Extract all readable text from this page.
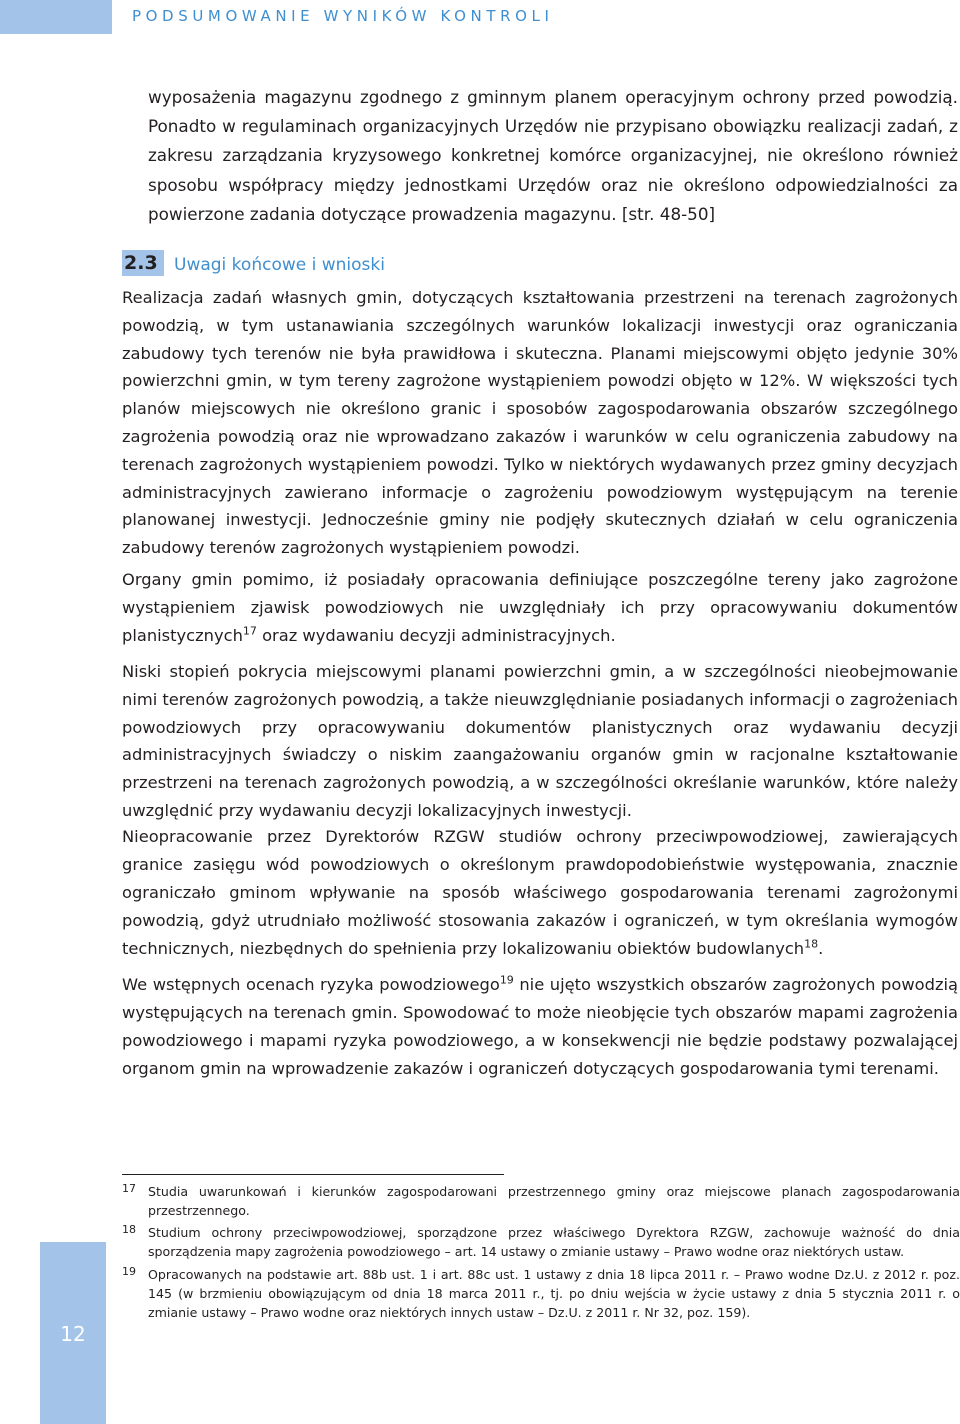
PODSUMOWANIE WYNIKÓW KONTROLI

wyposażenia magazynu zgodnego z gminnym planem operacyjnym ochrony przed powodzią. Ponadto w regulaminach organizacyjnych Urzędów nie przypisano obowiązku realizacji zadań, z zakresu zarządzania kryzysowego konkretnej komórce organizacyjnej, nie określono również sposobu współpracy między jednostkami Urzędów oraz nie określono odpowiedzialności za powierzone zadania dotyczące prowadzenia magazynu. [str. 48-50]

2.3 Uwagi końcowe i wnioski

Realizacja zadań własnych gmin, dotyczących kształtowania przestrzeni na terenach zagrożonych powodzią, w tym ustanawiania szczególnych warunków lokalizacji inwestycji oraz ograniczania zabudowy tych terenów nie była prawidłowa i skuteczna. Planami miejscowymi objęto jedynie 30% powierzchni gmin, w tym tereny zagrożone wystąpieniem powodzi objęto w 12%. W większości tych planów miejscowych nie określono granic i sposobów zagospodarowania obszarów szczególnego zagrożenia powodzią oraz nie wprowadzano zakazów i warunków w celu ograniczenia zabudowy na terenach zagrożonych wystąpieniem powodzi. Tylko w niektórych wydawanych przez gminy decyzjach administracyjnych zawierano informacje o zagrożeniu powodziowym występującym na terenie planowanej inwestycji. Jednocześnie gminy nie podjęły skutecznych działań w celu ograniczenia zabudowy terenów zagrożonych wystąpieniem powodzi.

Organy gmin pomimo, iż posiadały opracowania definiujące poszczególne tereny jako zagrożone wystąpieniem zjawisk powodziowych nie uwzględniały ich przy opracowywaniu dokumentów planistycznych$^{17}$ oraz wydawaniu decyzji administracyjnych.

Niski stopień pokrycia miejscowymi planami powierzchni gmin, a w szczególności nieobejmowanie nimi terenów zagrożonych powodzią, a także nieuwzględnianie posiadanych informacji o zagrożeniach powodziowych przy opracowywaniu dokumentów planistycznych oraz wydawaniu decyzji administracyjnych świadczy o niskim zaangażowaniu organów gmin w racjonalne kształtowanie przestrzeni na terenach zagrożonych powodzią, a w szczególności określanie warunków, które należy uwzględnić przy wydawaniu decyzji lokalizacyjnych inwestycji.

Nieopracowanie przez Dyrektorów RZGW studiów ochrony przeciwpowodziowej, zawierających granice zasięgu wód powodziowych o określonym prawdopodobieństwie występowania, znacznie ograniczało gminom wpływanie na sposób właściwego gospodarowania terenami zagrożonymi powodzią, gdyż utrudniało możliwość stosowania zakazów i ograniczeń, w tym określania wymogów technicznych, niezbędnych do spełnienia przy lokalizowaniu obiektów budowlanych$^{18}$.

We wstępnych ocenach ryzyka powodziowego$^{19}$ nie ujęto wszystkich obszarów zagrożonych powodzią występujących na terenach gmin. Spowodować to może nieobjęcie tych obszarów mapami zagrożenia powodziowego i mapami ryzyka powodziowego, a w konsekwencji nie będzie podstawy pozwalającej organom gmin na wprowadzenie zakazów i ograniczeń dotyczących gospodarowania tymi terenami.

17 Studia uwarunkowań i kierunków zagospodarowani przestrzennego gminy oraz miejscowe planach zagospodarowania przestrzennego.

18 Studium ochrony przeciwpowodziowej, sporządzone przez właściwego Dyrektora RZGW, zachowuje ważność do dnia sporządzenia mapy zagrożenia powodziowego – art. 14 ustawy o zmianie ustawy – Prawo wodne oraz niektórych ustaw.

19 Opracowanych na podstawie art. 88b ust. 1 i art. 88c ust. 1 ustawy z dnia 18 lipca 2011 r. – Prawo wodne Dz.U. z 2012 r. poz. 145 (w brzmieniu obowiązującym od dnia 18 marca 2011 r., tj. po dniu wejścia w życie ustawy z dnia 5 stycznia 2011 r. o zmianie ustawy – Prawo wodne oraz niektórych innych ustaw – Dz.U. z 2011 r. Nr 32, poz. 159).

12
